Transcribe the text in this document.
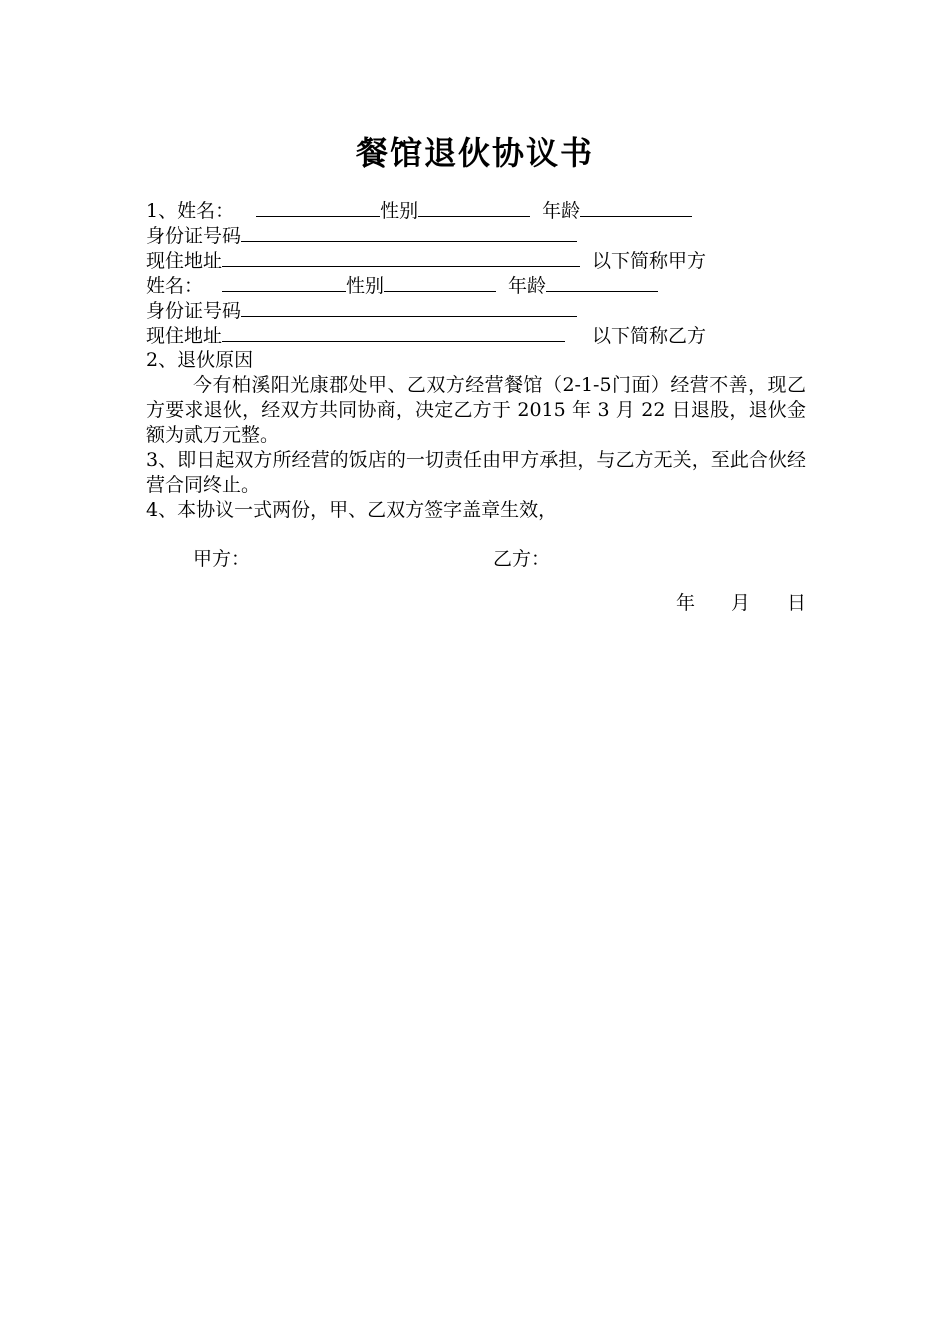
餐馆退伙协议书
1、姓名：	性别	年龄
身份证号码
现住地址	以下简称甲方
姓名：	性别	年龄
身份证号码
现住地址	以下简称乙方
2、退伙原因
今有柏溪阳光康郡处甲、乙双方经营餐馆（2-1-5门面）经营不善，现乙方要求退伙，经双方共同协商，决定乙方于 2015 年 3 月 22 日退股，退伙金额为贰万元整。
3、即日起双方所经营的饭店的一切责任由甲方承担，与乙方无关，至此合伙经营合同终止。
4、本协议一式两份，甲、乙双方签字盖章生效，
甲方：	乙方：
年 月 日
